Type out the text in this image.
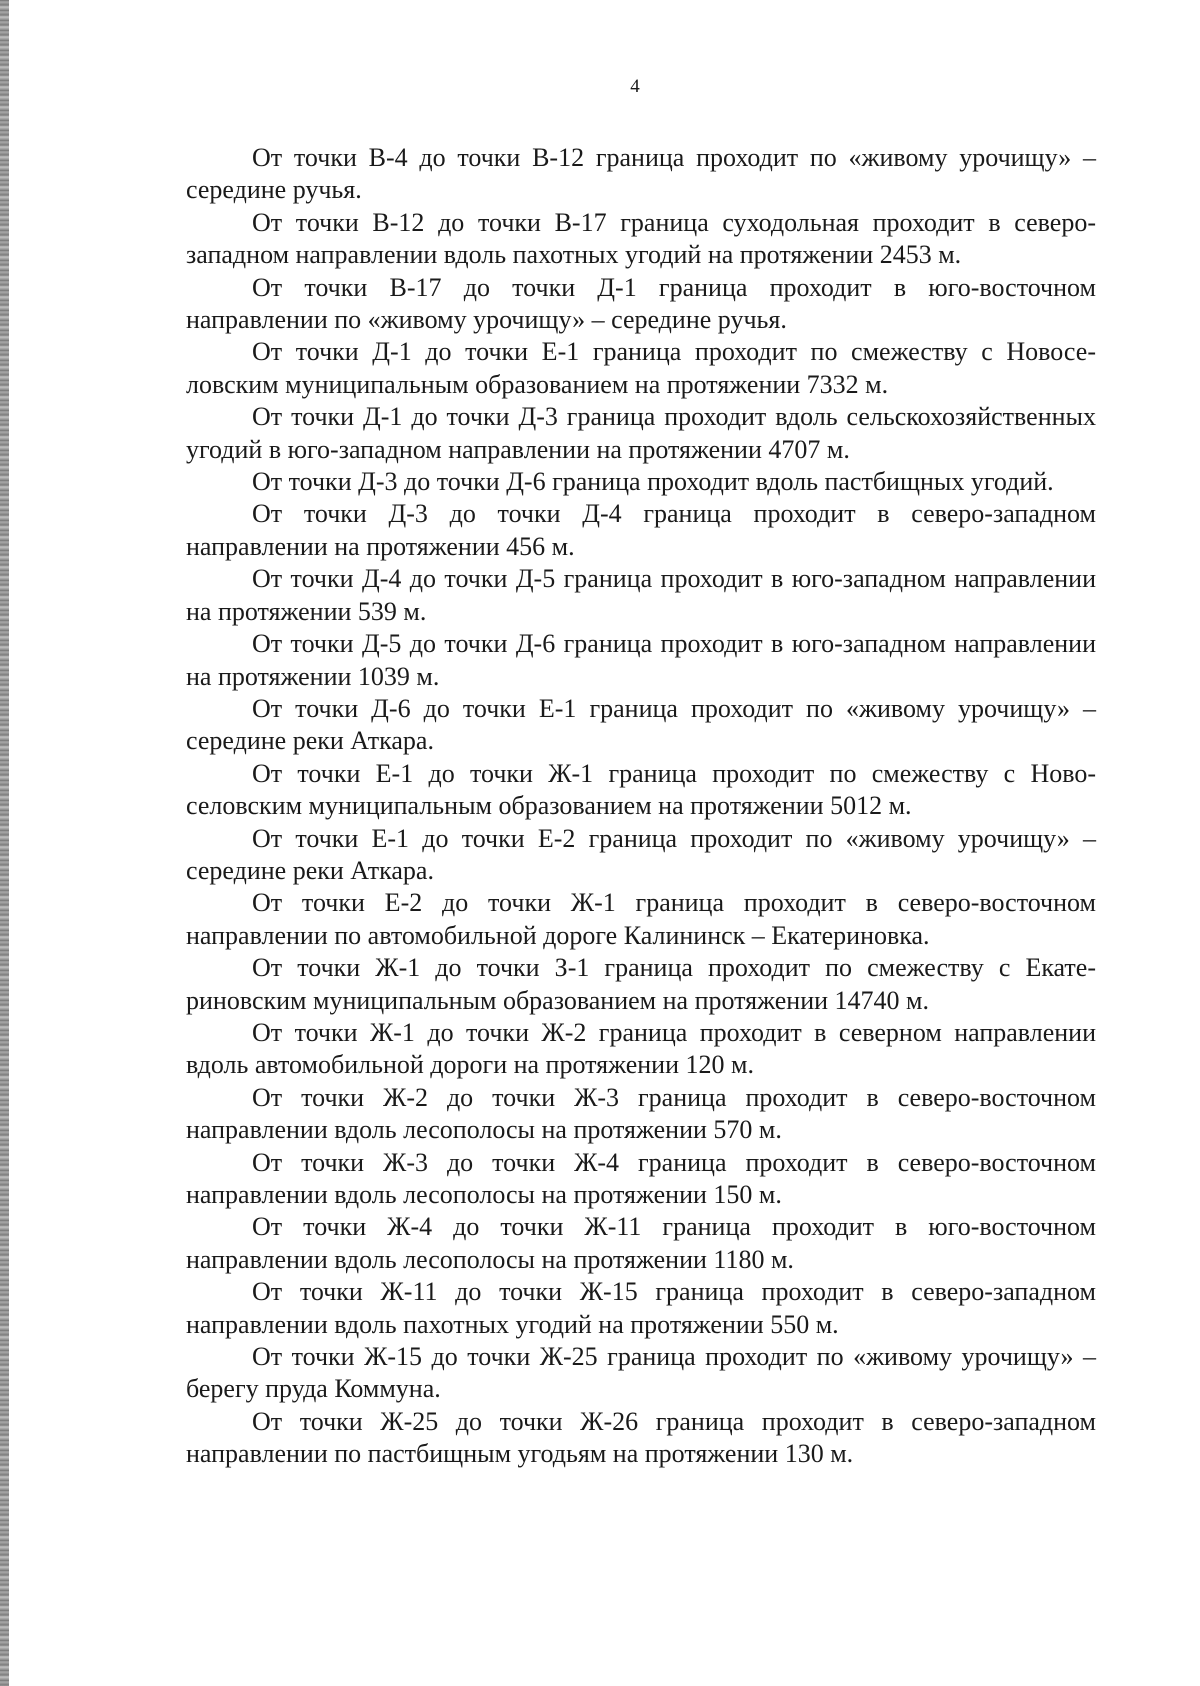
4

От точки В-4 до точки В-12 граница проходит по «живому урочищу» – середине ручья.

От точки В-12 до точки В-17 граница суходольная проходит в северо-западном направлении вдоль пахотных угодий на протяжении 2453 м.

От точки В-17 до точки Д-1 граница проходит в юго-восточном направлении по «живому урочищу» – середине ручья.

От точки Д-1 до точки Е-1 граница проходит по смежеству с Новоселовским муниципальным образованием на протяжении 7332 м.

От точки Д-1 до точки Д-3 граница проходит вдоль сельскохозяйственных угодий в юго-западном направлении на протяжении 4707 м.

От точки Д-3 до точки Д-6 граница проходит вдоль пастбищных угодий.

От точки Д-3 до точки Д-4 граница проходит в северо-западном направлении на протяжении 456 м.

От точки Д-4 до точки Д-5 граница проходит в юго-западном направлении на протяжении 539 м.

От точки Д-5 до точки Д-6 граница проходит в юго-западном направлении на протяжении 1039 м.

От точки Д-6 до точки Е-1 граница проходит по «живому урочищу» – середине реки Аткара.

От точки Е-1 до точки Ж-1 граница проходит по смежеству с Новоселовским муниципальным образованием на протяжении 5012 м.

От точки Е-1 до точки Е-2 граница проходит по «живому урочищу» – середине реки Аткара.

От точки Е-2 до точки Ж-1 граница проходит в северо-восточном направлении по автомобильной дороге Калининск – Екатериновка.

От точки Ж-1 до точки З-1 граница проходит по смежеству с Екатериновским муниципальным образованием на протяжении 14740 м.

От точки Ж-1 до точки Ж-2 граница проходит в северном направлении вдоль автомобильной дороги на протяжении 120 м.

От точки Ж-2 до точки Ж-3 граница проходит в северо-восточном направлении вдоль лесополосы на протяжении 570 м.

От точки Ж-3 до точки Ж-4 граница проходит в северо-восточном направлении вдоль лесополосы на протяжении 150 м.

От точки Ж-4 до точки Ж-11 граница проходит в юго-восточном направлении вдоль лесополосы на протяжении 1180 м.

От точки Ж-11 до точки Ж-15 граница проходит в северо-западном направлении вдоль пахотных угодий на протяжении 550 м.

От точки Ж-15 до точки Ж-25 граница проходит по «живому урочищу» – берегу пруда Коммуна.

От точки Ж-25 до точки Ж-26 граница проходит в северо-западном направлении по пастбищным угодьям на протяжении 130 м.
